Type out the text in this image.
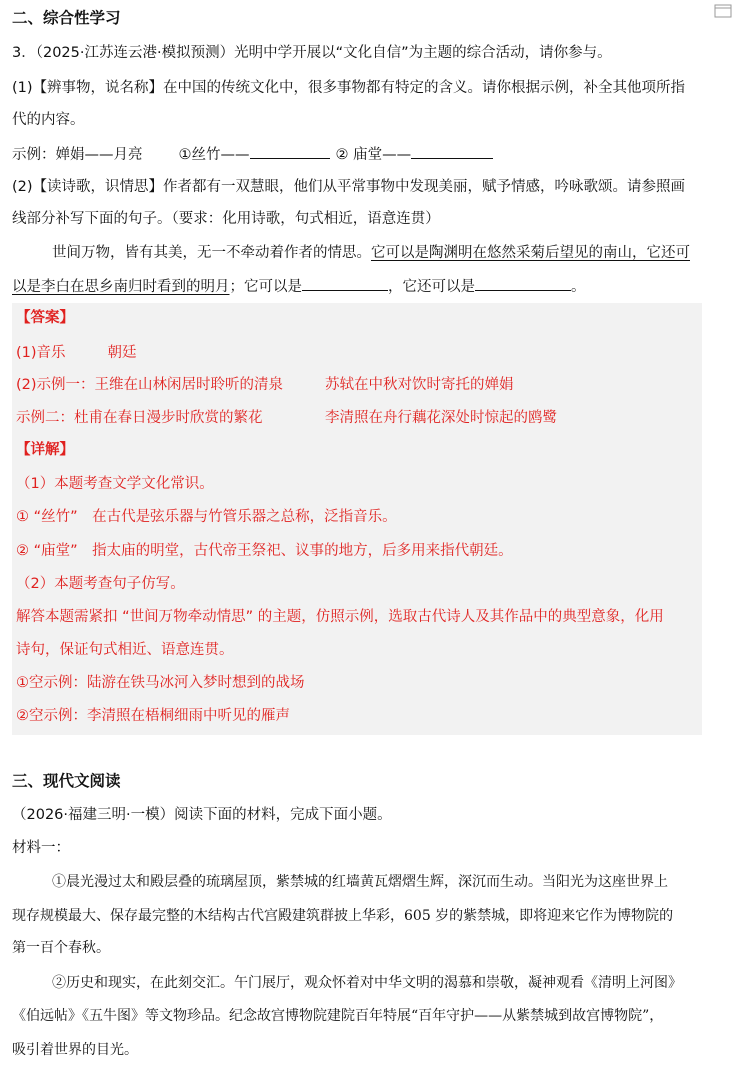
二、综合性学习
3．（2025·江苏连云港·模拟预测）光明中学开展以“文化自信”为主题的综合活动，请你参与。
(1)【辨事物，说名称】在中国的传统文化中，很多事物都有特定的含义。请你根据示例，补全其他项所指
代的内容。
示例：婵娟——月亮 ①丝竹——	② 庙堂——
(2)【读诗歌，识情思】作者都有一双慧眼，他们从平常事物中发现美丽，赋予情感，吟咏歌颂。请参照画
线部分补写下面的句子。（要求：化用诗歌，句式相近，语意连贯）
世间万物，皆有其美，无一不牵动着作者的情思。它可以是陶渊明在悠然采菊后望见的南山，它还可
以是李白在思乡南归时看到的明月；它可以是	，它还可以是	。
【答案】
(1)音乐	朝廷
(2)示例一：王维在山林闲居时聆听的清泉	苏轼在中秋对饮时寄托的婵娟
示例二：杜甫在春日漫步时欣赏的繁花	李清照在舟行藕花深处时惊起的鸥鹭
【详解】
（1）本题考查文学文化常识。
① “丝竹”　在古代是弦乐器与竹管乐器之总称，泛指音乐。
② “庙堂”　指太庙的明堂，古代帝王祭祀、议事的地方，后多用来指代朝廷。
（2）本题考查句子仿写。
解答本题需紧扣 “世间万物牵动情思” 的主题，仿照示例，选取古代诗人及其作品中的典型意象，化用
诗句，保证句式相近、语意连贯。
①空示例：陆游在铁马冰河入梦时想到的战场
②空示例：李清照在梧桐细雨中听见的雁声
三、现代文阅读
（2026·福建三明·一模）阅读下面的材料，完成下面小题。
材料一：
①晨光漫过太和殿层叠的琉璃屋顶，紫禁城的红墙黄瓦熠熠生辉，深沉而生动。当阳光为这座世界上
现存规模最大、保存最完整的木结构古代宫殿建筑群披上华彩，605 岁的紫禁城，即将迎来它作为博物院的
第一百个春秋。
②历史和现实，在此刻交汇。午门展厅，观众怀着对中华文明的渴慕和崇敬，凝神观看《清明上河图》
《伯远帖》《五牛图》等文物珍品。纪念故宫博物院建院百年特展“百年守护——从紫禁城到故宫博物院”，
吸引着世界的目光。
